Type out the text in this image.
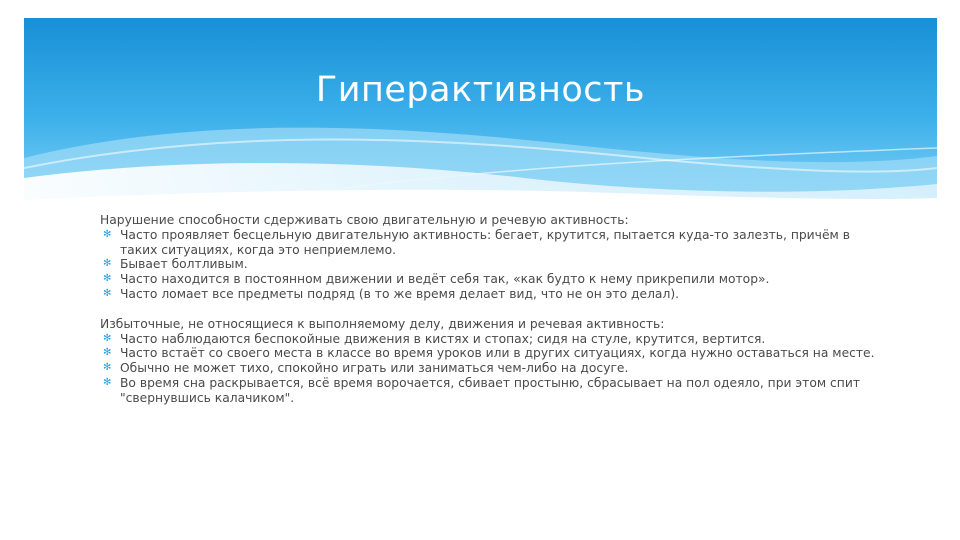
Гиперактивность

Нарушение способности сдерживать свою двигательную и речевую активность:

✻ Часто проявляет бесцельную двигательную активность: бегает, крутится, пытается куда-то залезть, причём в таких ситуациях, когда это неприемлемо.
✻ Бывает болтливым.
✻ Часто находится в постоянном движении и ведёт себя так, «как будто к нему прикрепили мотор».
✻ Часто ломает все предметы подряд (в то же время делает вид, что не он это делал).

Избыточные, не относящиеся к выполняемому делу, движения и речевая активность:

✻ Часто наблюдаются беспокойные движения в кистях и стопах; сидя на стуле, крутится, вертится.
✻ Часто встаёт со своего места в классе во время уроков или в других ситуациях, когда нужно оставаться на месте.
✻ Обычно не может тихо, спокойно играть или заниматься чем-либо на досуге.
✻ Во время сна раскрывается, всё время ворочается, сбивает простыню, сбрасывает на пол одеяло, при этом спит "свернувшись калачиком".
